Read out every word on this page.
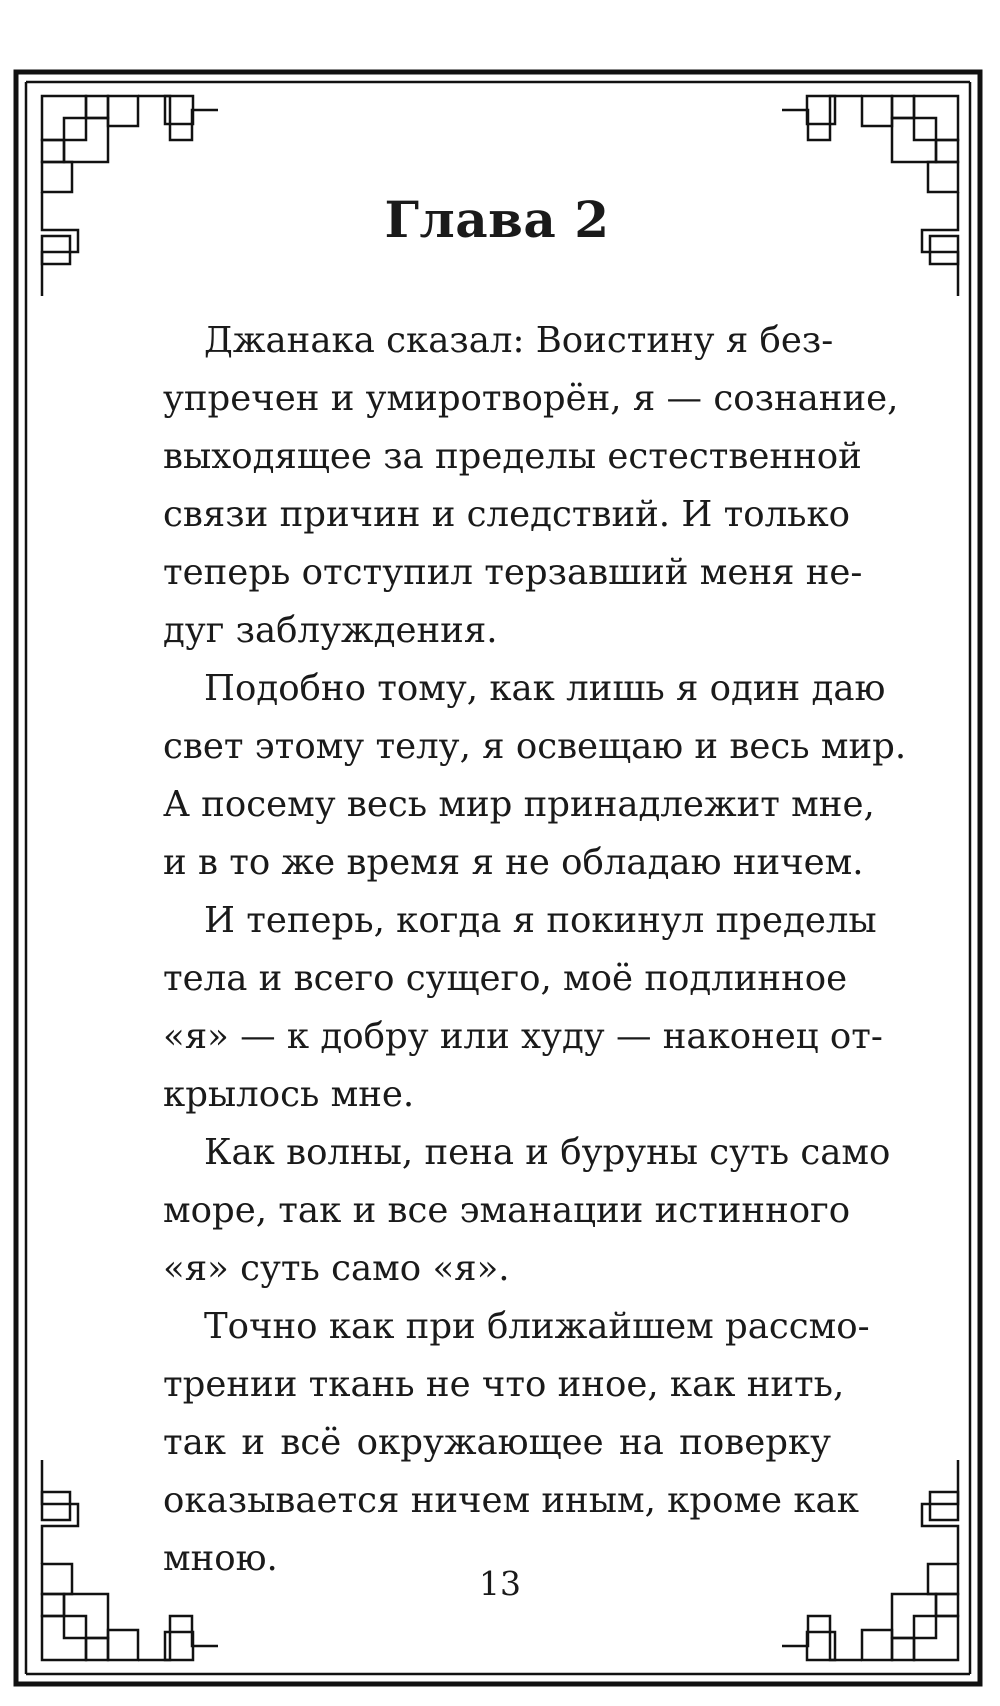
Глава 2

Джанака сказал: Воистину я без-
упречен и умиротворён, я — сознание,
выходящее за пределы естественной
связи причин и следствий. И только
теперь отступил терзавший меня не-
дуг заблуждения.

Подобно тому, как лишь я один даю
свет этому телу, я освещаю и весь мир.
А посему весь мир принадлежит мне,
и в то же время я не обладаю ничем.

И теперь, когда я покинул пределы
тела и всего сущего, моё подлинное
«я» — к добру или худу — наконец от-
крылось мне.

Как волны, пена и буруны суть само
море, так и все эманации истинного
«я» суть само «я».

Точно как при ближайшем рассмо-
трении ткань не что иное, как нить,
так и всё окружающее на поверку
оказывается ничем иным, кроме как
мною.

13
